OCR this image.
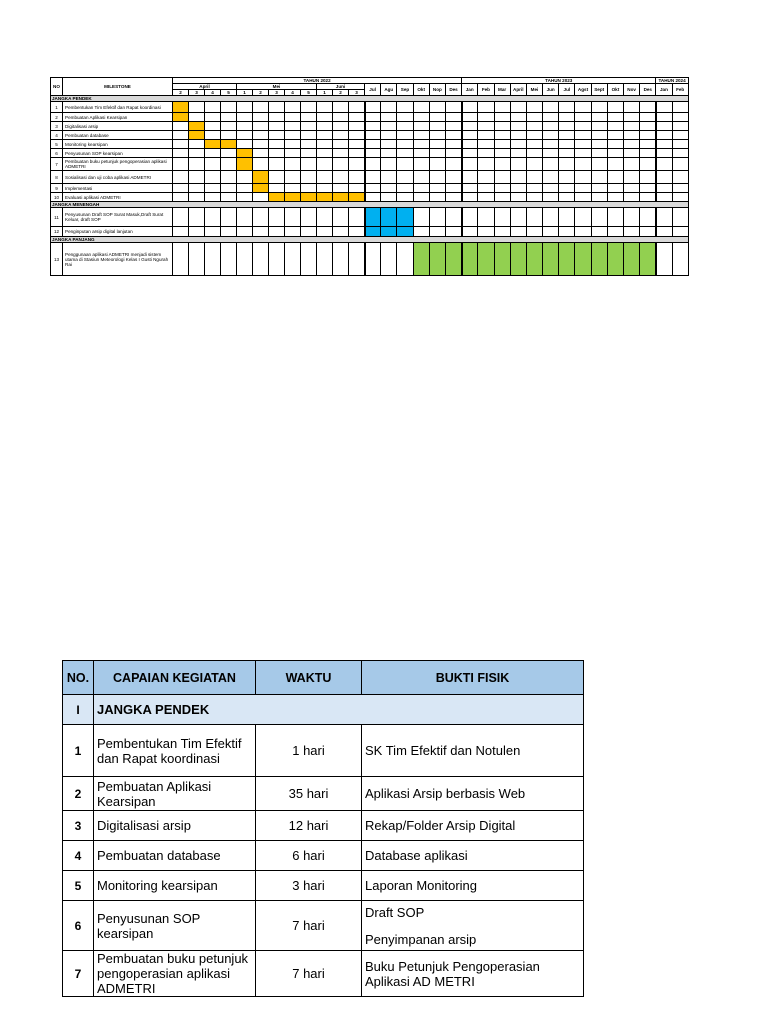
NO	MILESTONE	TAHUN 2022																		TAHUN 2023												TAHUN 2024	
		April				Mei					Juni			Jul	Agu	Sep	Okt	Nop	Des	Jan	Feb	Mar	April	Mei	Jun	Jul	Agst	Sept	Okt	Nov	Des	Jan	Feb
		2	3	4	5	1	2	3	4	5	1	2	3																				
JANGKA PENDEK																																	
1	Pembentukan Tim Efektif dan Rapat koordinasi																																
2	Pembuatan Aplikasi Kearsipan																																
3	Digitalisasi arsip																																
4	Pembuatan database																																
5	Monitoring kearsipan																																
6	Penyusunan SOP kearsipan																																
7	Pembuatan buku petunjuk pengoperasian aplikasi ADMETRI																																
8	Sosialisasi dan uji coba aplikasi ADMETRI																																
9	Implementasi																																
10	Evaluasi aplikasi ADMETRI																																
JANGKA MENENGAH																																	
11	Penyusunan Draft SOP Surat Masuk,Draft Surat Keluar, draft SOP																																
12	Penginputan arsip digital lanjutan																																
JANGKA PANJANG																																	
13	Penggunaan aplikasi ADMETRI menjadi sistem utama di Stasiun Meteorologi Kelas I Gusti Ngurah Rai																																
NO.	CAPAIAN KEGIATAN	WAKTU	BUKTI FISIK
I	JANGKA PENDEK		
1	Pembentukan Tim Efektif dan Rapat koordinasi	1 hari	SK Tim Efektif dan Notulen

2	Pembuatan Aplikasi Kearsipan	35 hari	Aplikasi Arsip berbasis Web

3	Digitalisasi arsip	12 hari	Rekap/Folder Arsip Digital

4	Pembuatan database	6 hari	Database aplikasi

5	Monitoring kearsipan	3 hari	Laporan Monitoring

6	Penyusunan SOP kearsipan	7 hari	Draft SOP
Penyimpanan arsip

7	Pembuatan buku petunjuk pengoperasian aplikasi ADMETRI	7 hari	Buku Petunjuk Pengoperasian Aplikasi AD METRI
